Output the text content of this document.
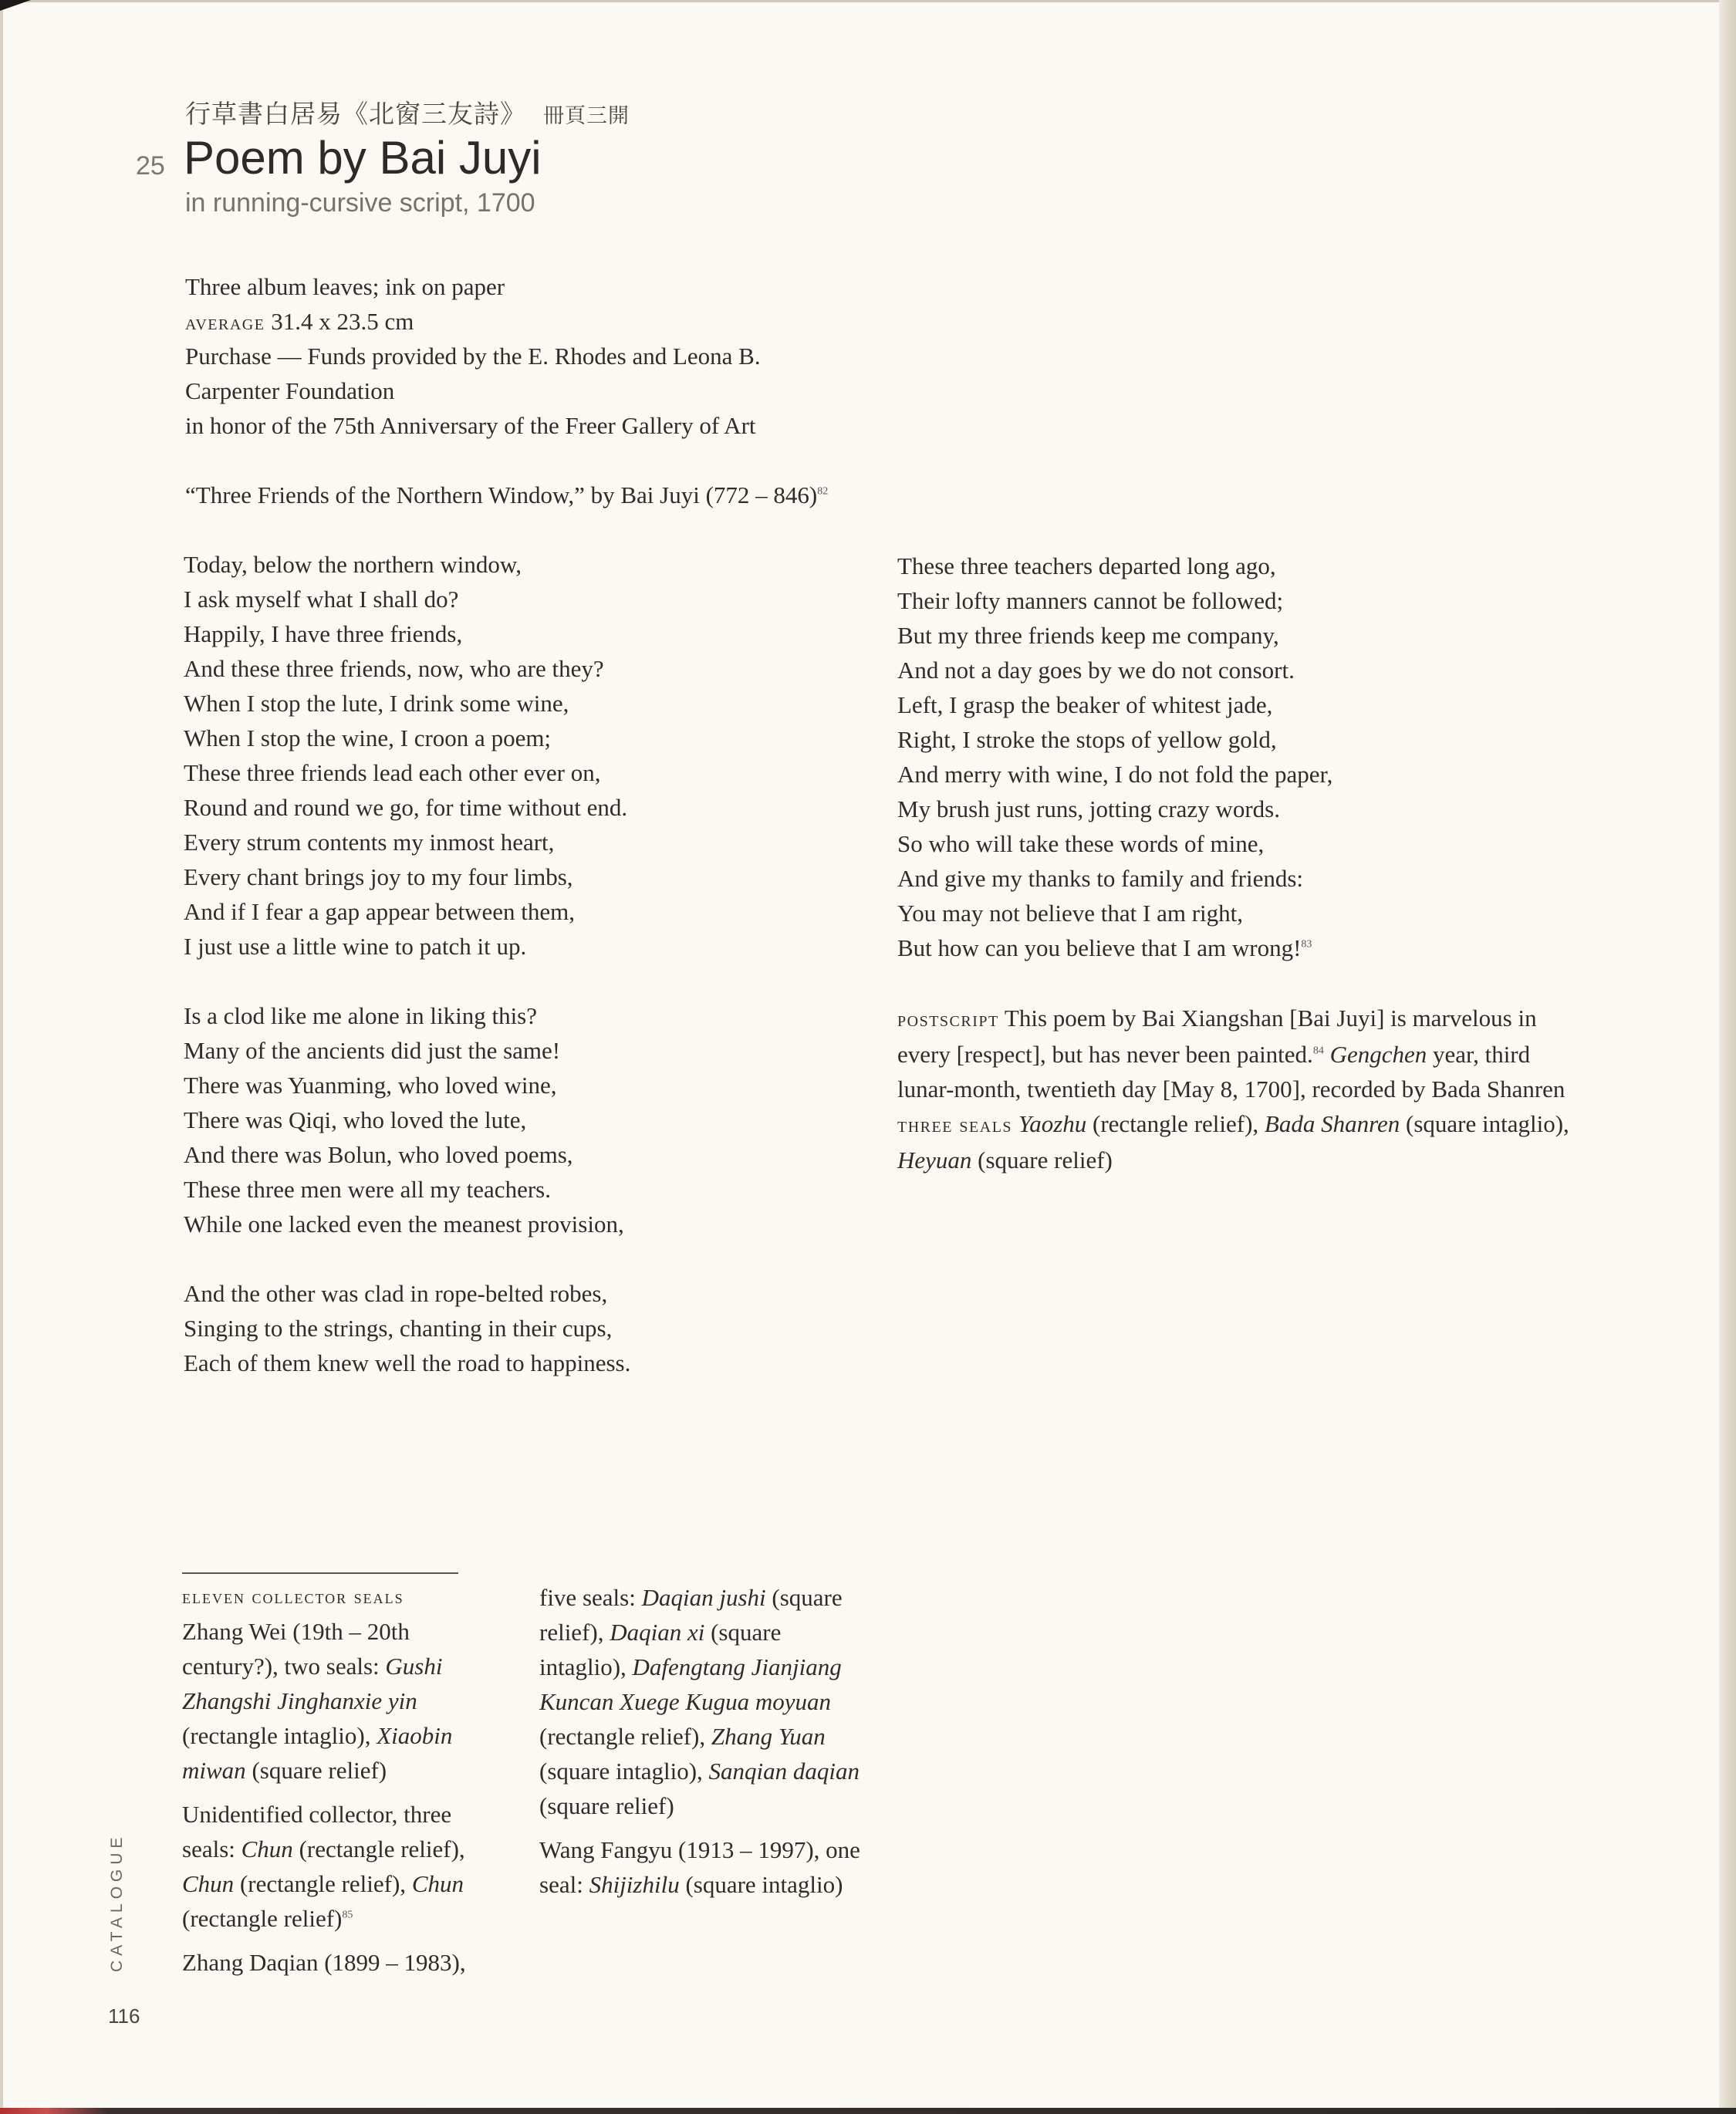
行草書白居易《北窗三友詩》 冊頁三開
25 Poem by Bai Juyi
in running-cursive script, 1700
Three album leaves; ink on paper
average 31.4 x 23.5 cm
Purchase — Funds provided by the E. Rhodes and Leona B.
Carpenter Foundation
in honor of the 75th Anniversary of the Freer Gallery of Art
“Three Friends of the Northern Window,” by Bai Juyi (772 – 846)$^{82}$
Today, below the northern window,
I ask myself what I shall do?
Happily, I have three friends,
And these three friends, now, who are they?
When I stop the lute, I drink some wine,
When I stop the wine, I croon a poem;
These three friends lead each other ever on,
Round and round we go, for time without end.
Every strum contents my inmost heart,
Every chant brings joy to my four limbs,
And if I fear a gap appear between them,
I just use a little wine to patch it up.
Is a clod like me alone in liking this?
Many of the ancients did just the same!
There was Yuanming, who loved wine,
There was Qiqi, who loved the lute,
And there was Bolun, who loved poems,
These three men were all my teachers.
While one lacked even the meanest provision,
And the other was clad in rope-belted robes,
Singing to the strings, chanting in their cups,
Each of them knew well the road to happiness.
These three teachers departed long ago,
Their lofty manners cannot be followed;
But my three friends keep me company,
And not a day goes by we do not consort.
Left, I grasp the beaker of whitest jade,
Right, I stroke the stops of yellow gold,
And merry with wine, I do not fold the paper,
My brush just runs, jotting crazy words.
So who will take these words of mine,
And give my thanks to family and friends:
You may not believe that I am right,
But how can you believe that I am wrong!$^{83}$
postscript This poem by Bai Xiangshan [Bai Juyi] is marvelous in every [respect], but has never been painted.$^{84}$ Gengchen year, third lunar-month, twentieth day [May 8, 1700], recorded by Bada Shanren
three seals Yaozhu (rectangle relief), Bada Shanren (square intaglio), Heyuan (square relief)
eleven collector seals
Zhang Wei (19th – 20th century?), two seals: Gushi Zhangshi Jinghanxie yin (rectangle intaglio), Xiaobin miwan (square relief)
Unidentified collector, three seals: Chun (rectangle relief), Chun (rectangle relief), Chun (rectangle relief)$^{85}$
Zhang Daqian (1899 – 1983),
five seals: Daqian jushi (square relief), Daqian xi (square intaglio), Dafengtang Jianjiang Kuncan Xuege Kugua moyuan (rectangle relief), Zhang Yuan (square intaglio), Sanqian daqian (square relief)
Wang Fangyu (1913 – 1997), one seal: Shijizhilu (square intaglio)
CATALOGUE
116
